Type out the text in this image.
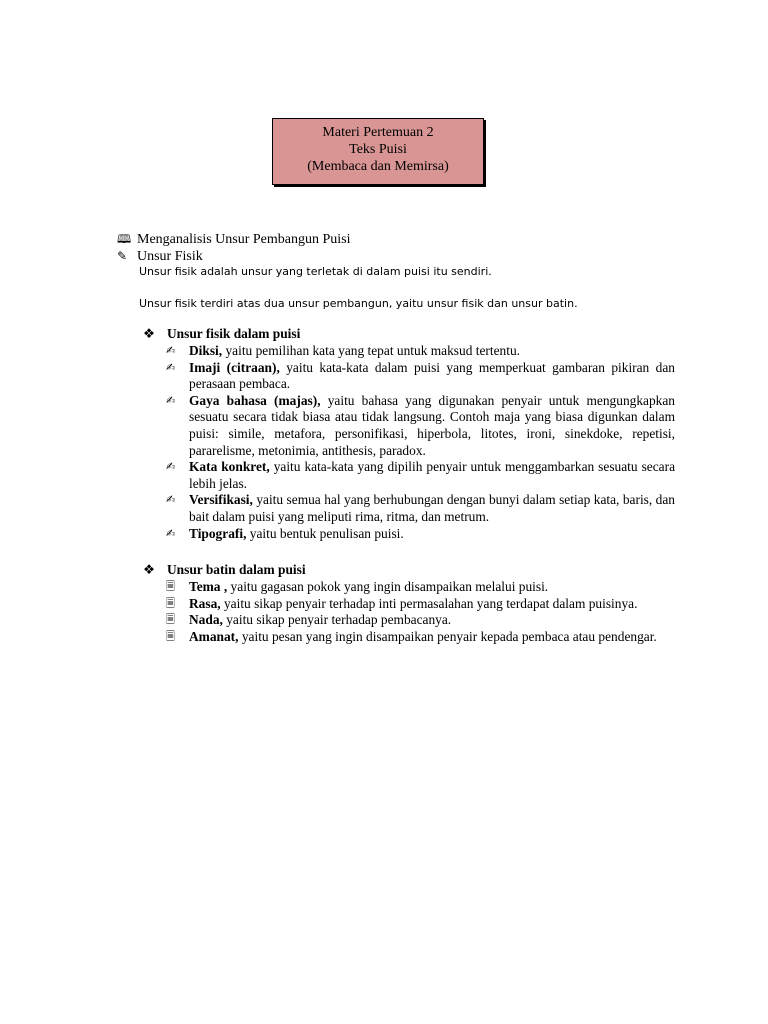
Materi Pertemuan 2
Teks Puisi
(Membaca dan Memirsa)
🕮 Menganalisis Unsur Pembangun Puisi
✎ Unsur Fisik
Unsur fisik adalah unsur yang terletak di dalam puisi itu sendiri.
Unsur fisik terdiri atas dua unsur pembangun, yaitu unsur fisik dan unsur batin.
❖ Unsur fisik dalam puisi
✍	Diksi, yaitu pemilihan kata yang tepat untuk maksud tertentu.
✍	Imaji (citraan), yaitu kata-kata dalam puisi yang memperkuat gambaran pikiran dan perasaan pembaca.
✍	Gaya bahasa (majas), yaitu bahasa yang digunakan penyair untuk mengungkapkan sesuatu secara tidak biasa atau tidak langsung. Contoh maja yang biasa digunkan dalam puisi: simile, metafora, personifikasi, hiperbola, litotes, ironi, sinekdoke, repetisi, pararelisme, metonimia, antithesis, paradox.
✍	Kata konkret, yaitu kata-kata yang dipilih penyair untuk menggambarkan sesuatu secara lebih jelas.
✍	Versifikasi, yaitu semua hal yang berhubungan dengan bunyi dalam setiap kata, baris, dan bait dalam puisi yang meliputi rima, ritma, dan metrum.
✍	Tipografi, yaitu bentuk penulisan puisi.
❖ Unsur batin dalam puisi
🗏	Tema , yaitu gagasan pokok yang ingin disampaikan melalui puisi.
🗏	Rasa, yaitu sikap penyair terhadap inti permasalahan yang terdapat dalam puisinya.
🗏	Nada, yaitu sikap penyair terhadap pembacanya.
🗏	Amanat, yaitu pesan yang ingin disampaikan penyair kepada pembaca atau pendengar.
